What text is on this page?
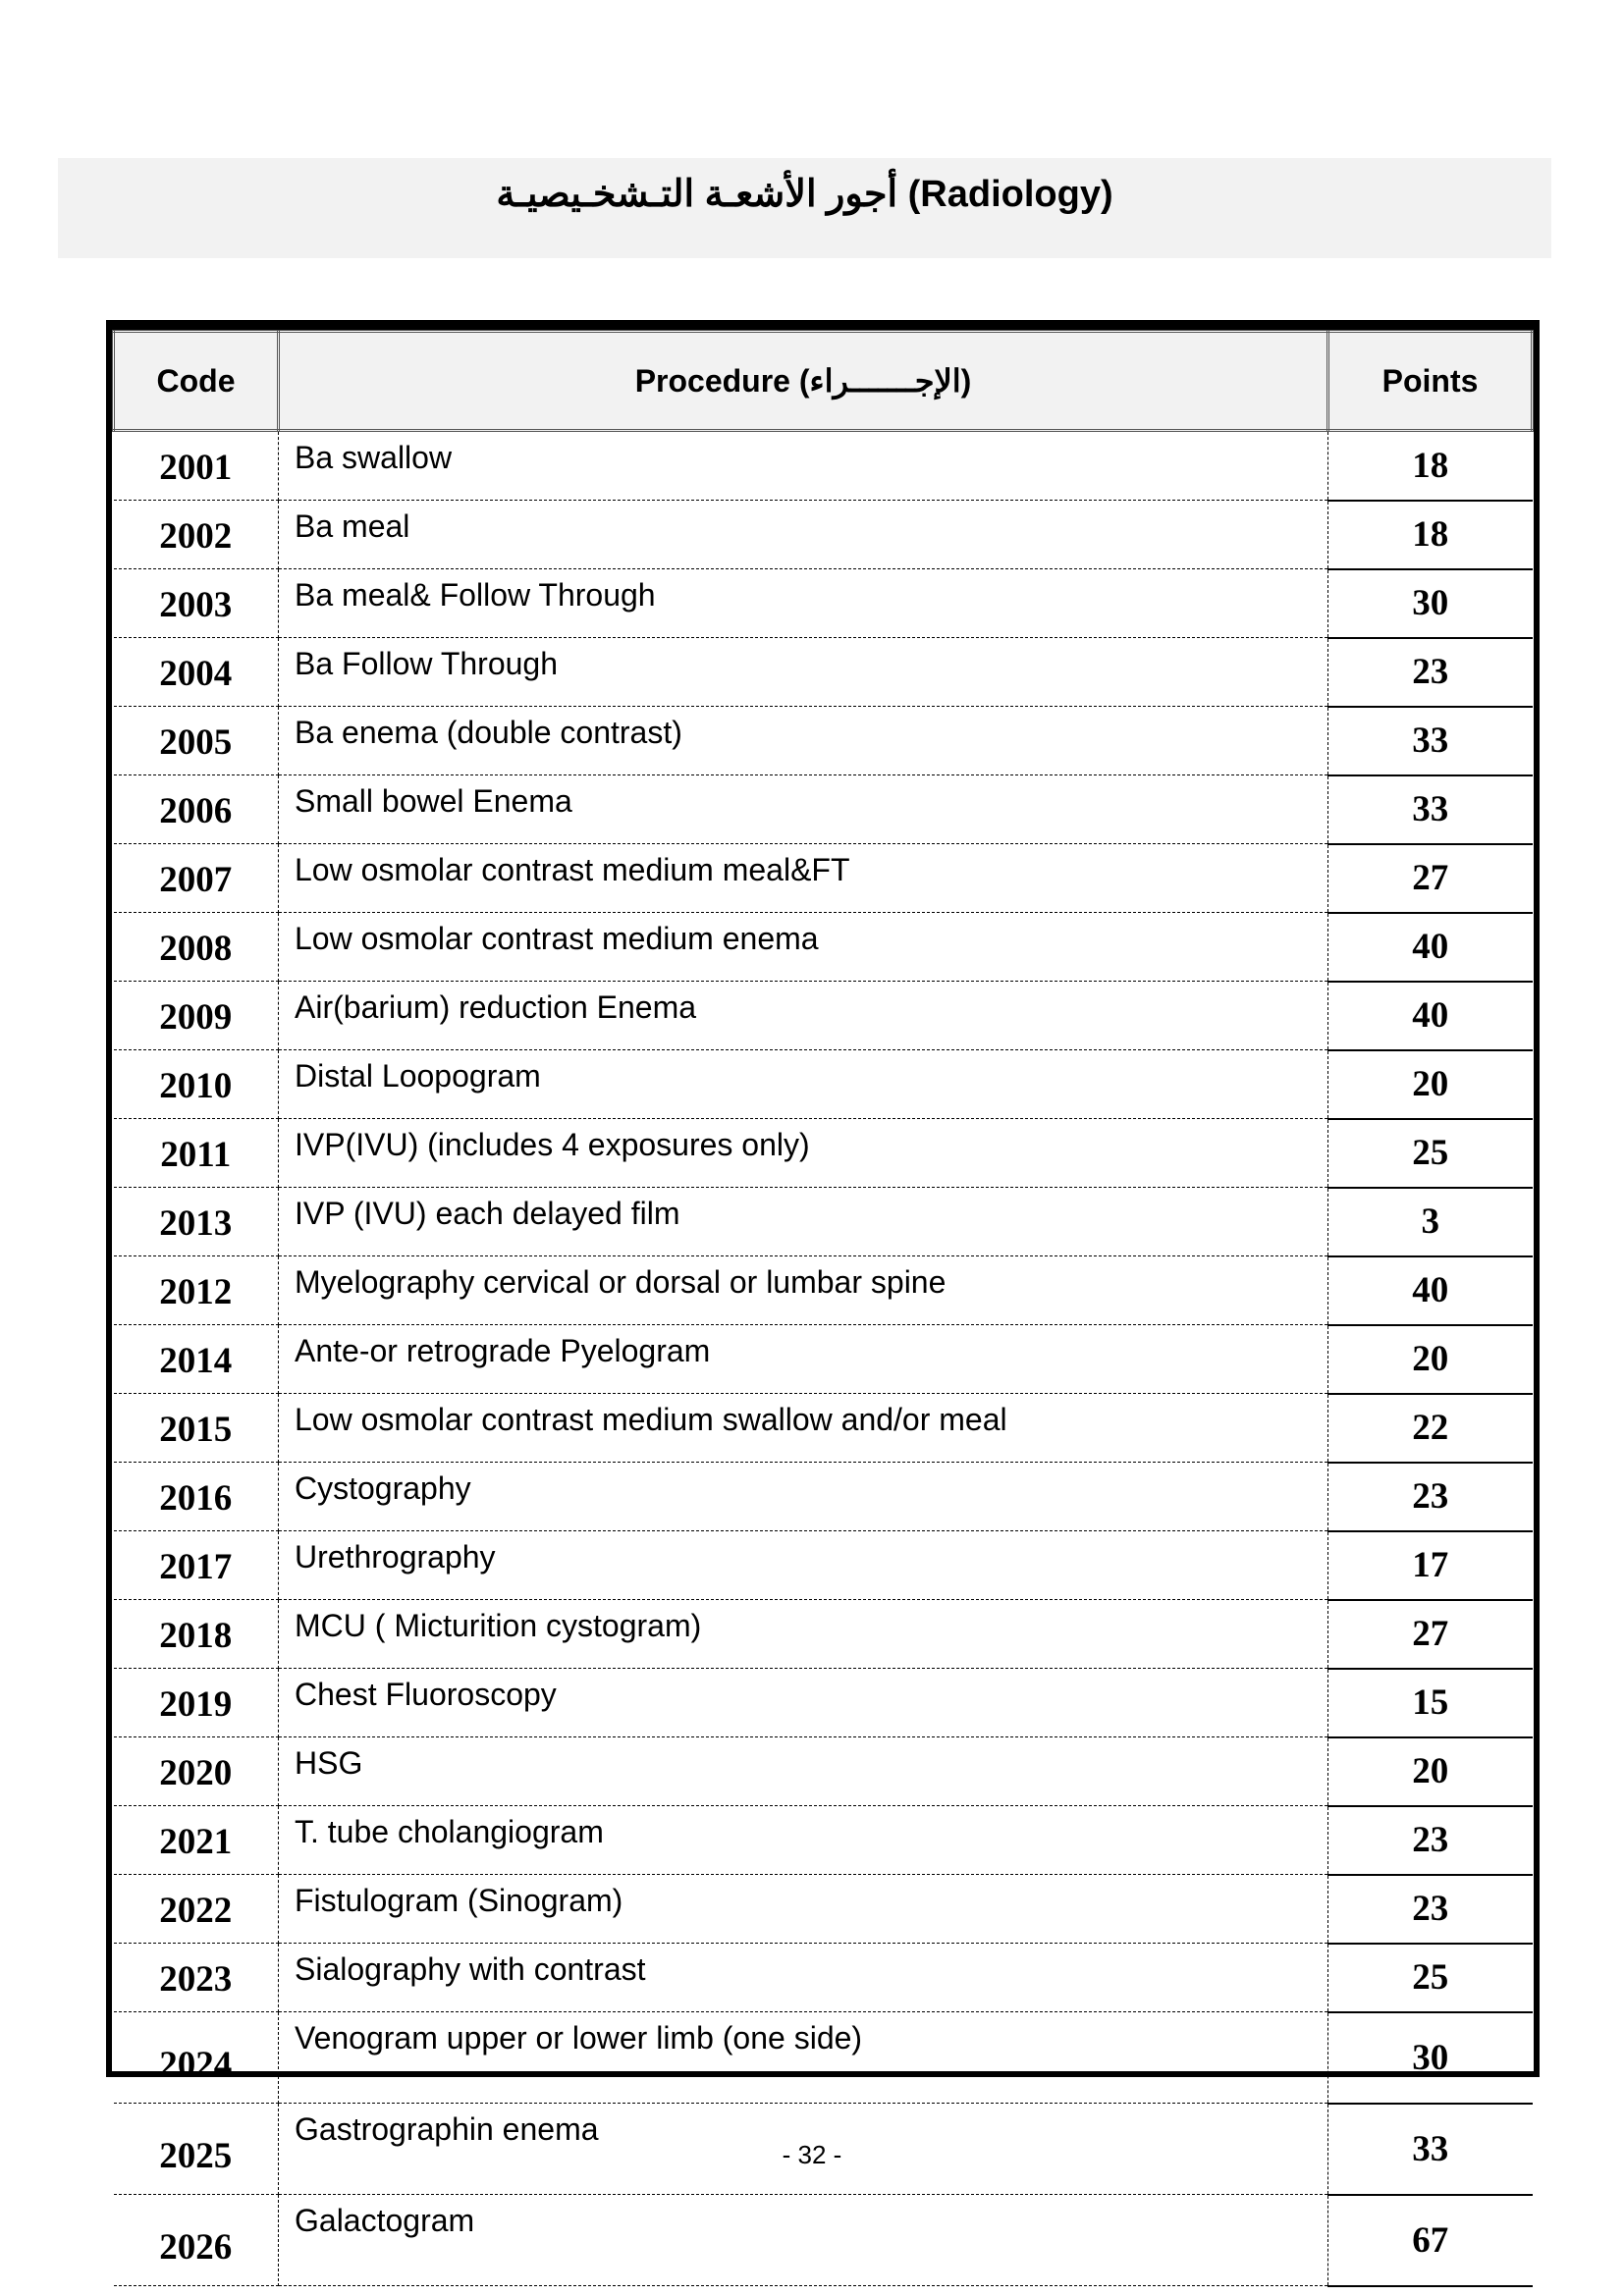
أجور الأشعـة التـشخـيصيـة (Radiology)
Code	Procedure (الإجـــــــراء)	Points
2001	Ba swallow	18
2002	Ba meal	18
2003	Ba meal& Follow Through	30
2004	Ba Follow Through	23
2005	Ba enema (double contrast)	33
2006	Small bowel Enema	33
2007	Low osmolar contrast medium meal&FT	27
2008	Low osmolar contrast medium enema	40
2009	Air(barium) reduction Enema	40
2010	Distal Loopogram	20
2011	IVP(IVU) (includes 4 exposures only)	25
2013	IVP (IVU) each delayed film	3
2012	Myelography cervical or dorsal or lumbar spine	40
2014	Ante-or retrograde Pyelogram	20
2015	Low osmolar contrast medium swallow and/or meal	22
2016	Cystography	23
2017	Urethrography	17
2018	MCU ( Micturition cystogram)	27
2019	Chest Fluoroscopy	15
2020	HSG	20
2021	T. tube cholangiogram	23
2022	Fistulogram (Sinogram)	23
2023	Sialography with contrast	25
2024	Venogram upper or lower limb (one side)	30
2025	Gastrographin enema	33
2026	Galactogram	67
- 32 -
